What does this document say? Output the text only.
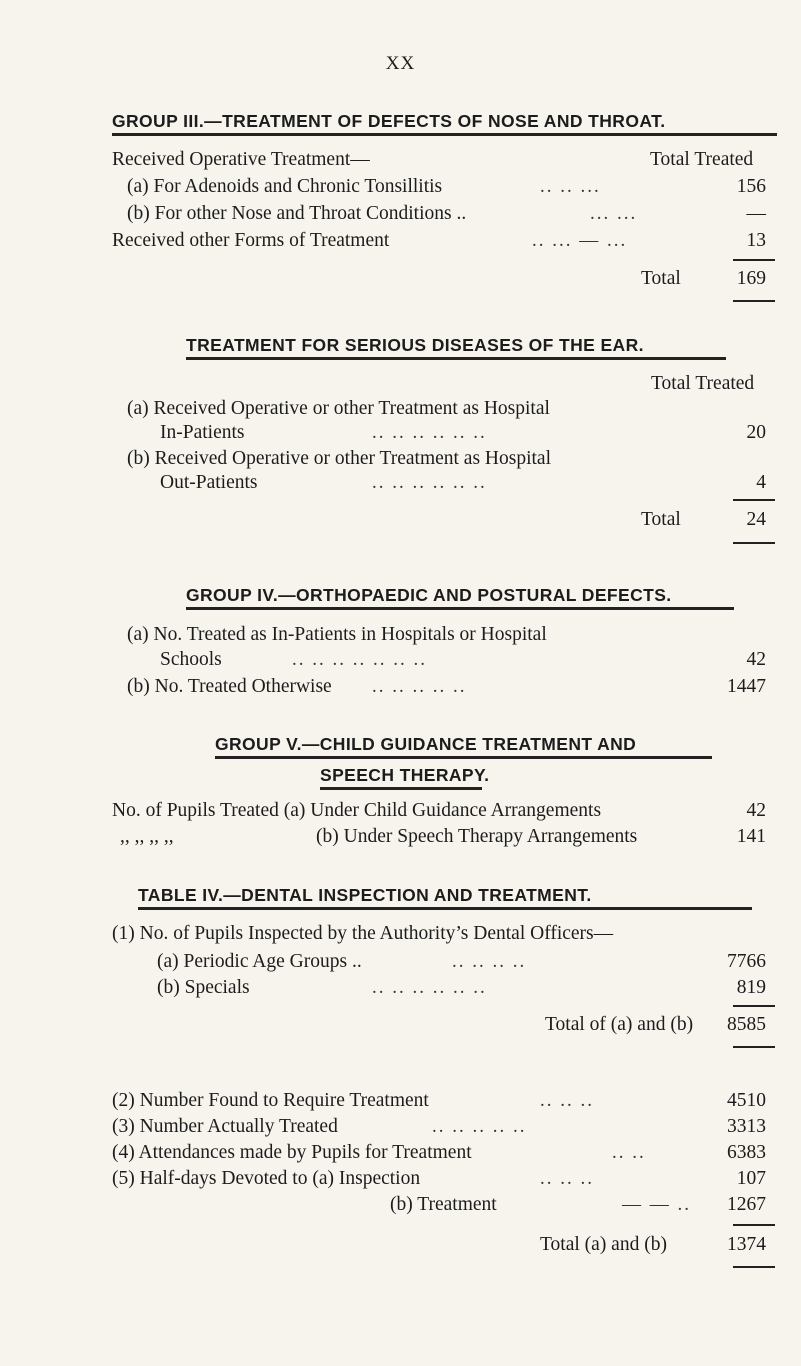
XX
GROUP III.—TREATMENT OF DEFECTS OF NOSE AND THROAT.
Received Operative Treatment—	Total Treated
(a) For Adenoids and Chronic Tonsillitis	.. .. ...	156
(b) For other Nose and Throat Conditions ..	... ...	—
Received other Forms of Treatment	.. ... — ...	13
Total	169
TREATMENT FOR SERIOUS DISEASES OF THE EAR.
Total Treated
(a) Received Operative or other Treatment as Hospital
In-Patients	.. .. .. .. .. ..	20
(b) Received Operative or other Treatment as Hospital
Out-Patients	.. .. .. .. .. ..	4
Total	24
GROUP IV.—ORTHOPAEDIC AND POSTURAL DEFECTS.
(a) No. Treated as In-Patients in Hospitals or Hospital
Schools	.. .. .. .. .. .. ..	42
(b) No. Treated Otherwise .. .. .. .. ..	1447
GROUP V.—CHILD GUIDANCE TREATMENT AND
SPEECH THERAPY.
No. of Pupils Treated (a) Under Child Guidance Arrangements	42
,, ,, ,, ,,	(b) Under Speech Therapy Arrangements	141
TABLE IV.—DENTAL INSPECTION AND TREATMENT.
(1) No. of Pupils Inspected by the Authority’s Dental Officers—
(a) Periodic Age Groups ..	.. .. .. ..	7766
(b) Specials	.. .. .. .. .. ..	819
Total of (a) and (b)	8585
(2) Number Found to Require Treatment	.. .. ..	4510
(3) Number Actually Treated	.. .. .. .. ..	3313
(4) Attendances made by Pupils for Treatment	.. ..	6383
(5) Half-days Devoted to (a) Inspection	.. .. ..	107
(b) Treatment	— — ..	1267
Total (a) and (b)	1374
